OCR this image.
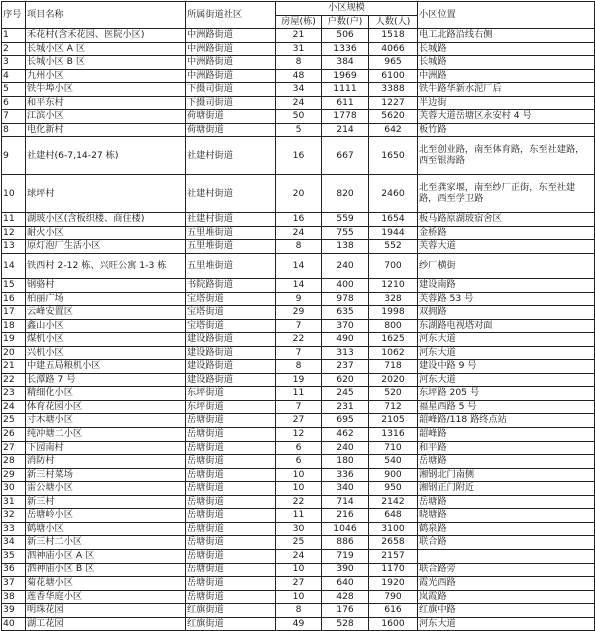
序号	项目名称	所属街道社区	小区规模			小区位置
			房屋(栋)	户数(户)	人数(人)	
1	禾花村(含禾花园、医院小区)	中洲路街道	21	506	1518	电工北路沿线右侧
2	长城小区 A 区	中洲路街道	31	1336	4066	长城路
3	长城小区 B 区	中洲路街道	8	384	965	长城路
4	九州小区	中洲路街道	48	1969	6100	中洲路
5	铁牛埠小区	下摄司街道	34	1111	3388	铁牛路华新水泥厂后
6	和平东村	下摄司街道	24	611	1227	半边街
7	江滨小区	荷塘街道	50	1778	5620	芙蓉大道岳塘区永安村 4 号
8	电化新村	荷塘街道	5	214	642	板竹路
9	社建村(6-7,14-27 栋)	社建村街道	16	667	1650	北至创业路，南至体育路，东至社建路，西至银海路
10	球坪村	社建村街道	20	820	2460	北至龚家堰，南至纱厂正街，东至社建路，西至学卫路
11	湖玻小区(含板织楼、商住楼)	社建村街道	16	559	1654	板马路原湖玻宿舍区
12	耐火小区	五里堆街道	24	755	1944	金桥路
13	原灯泡厂生活小区	五里堆街道	8	138	552	芙蓉大道
14	铁西村 2-12 栋、兴旺公寓 1-3 栋	五里堆街道	14	240	700	纱厂横街
15	钢骆村	书院路街道	14	400	1210	建设南路
16	柏丽广场	宝塔街道	9	978	328	芙蓉路 53 号
17	云峰安置区	宝塔街道	29	635	1998	双拥路
18	鑫山小区	宝塔街道	7	370	800	东湖路电视塔对面
19	煤机小区	建设路街道	22	490	1625	河东大道
20	兴机小区	建设路街道	7	313	1062	河东大道
21	中建五局粮机小区	建设路街道	8	237	718	建设中路 9 号
22	长潭路 7 号	建设路街道	19	620	2020	河东大道
23	精细化小区	东坪街道	11	245	520	东坪路 205 号
24	体育花园小区	东坪街道	7	231	712	福星西路 5 号
25	寸木塘小区	岳塘街道	27	695	2105	韶峰路/118 路终点站
26	纯冲塘二小区	岳塘街道	12	462	1316	韶峰路
27	下园南村	岳塘街道	6	240	710	和平路
28	消防村	岳塘街道	6	180	540	岳塘路
29	新三村菜场	岳塘街道	10	336	900	湘钢北门南侧
30	雷公塘小区	岳塘街道	10	340	950	湘钢正门附近
31	新三村	岳塘街道	22	714	2142	岳塘路
32	岳塘岭小区	岳塘街道	11	216	648	晓塘路
33	鹤塘小区	岳塘街道	30	1046	3100	鹤泉路
34	新三村二小区	岳塘街道	25	886	2658	联合路
35	泗神庙小区 A 区	岳塘街道	24	719	2157	
36	泗神庙小区 B 区	岳塘街道	10	390	1170	联合路旁
37	菊花塘小区	岳塘街道	27	640	1920	霞光西路
38	莲香华庭小区	岳塘街道	10	428	790	岚霞路
39	明珠花园	红旗街道	8	176	616	红旗中路
40	湖工花园	红旗街道	49	528	1600	河东大道
